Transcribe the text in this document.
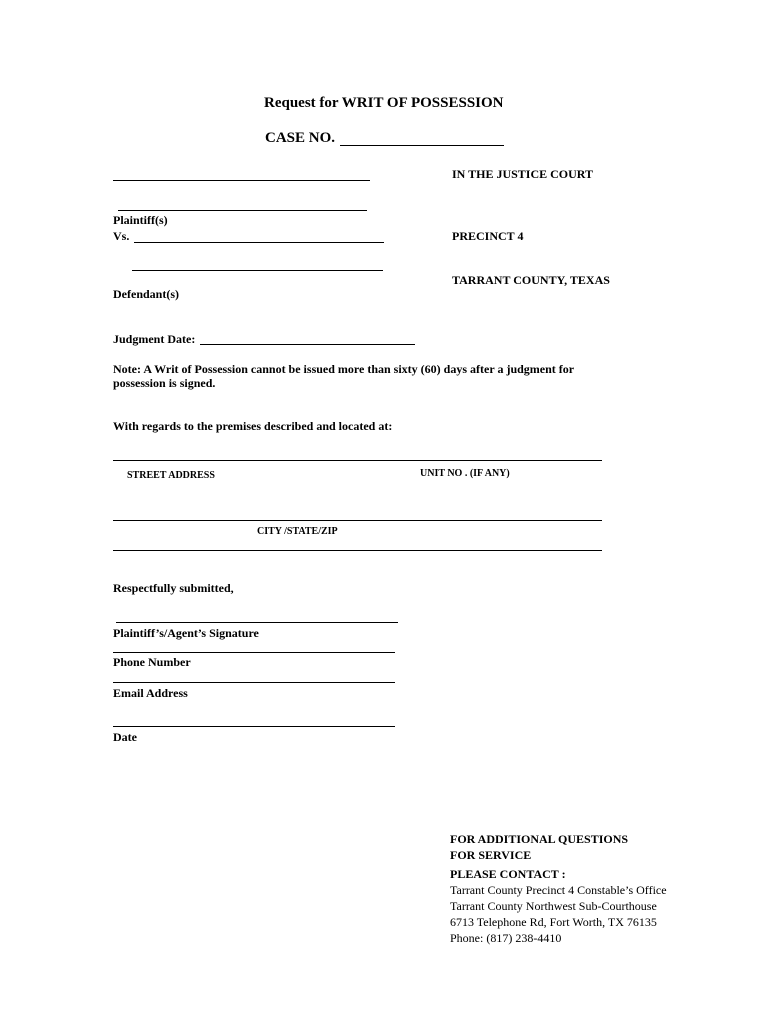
Request for WRIT OF POSSESSION
CASE NO.
IN THE JUSTICE COURT
Plaintiff(s)
Vs.	PRECINCT 4
TARRANT COUNTY, TEXAS
Defendant(s)
Judgment Date:
Note: A Writ of Possession cannot be issued more than sixty (60) days after a judgment for
possession is signed.
With regards to the premises described and located at:
STREET ADDRESS	UNIT NO . (IF ANY)
CITY /STATE/ZIP
Respectfully submitted,
Plaintiff’s/Agent’s Signature
Phone Number
Email Address
Date
FOR ADDITIONAL QUESTIONS
FOR SERVICE
PLEASE CONTACT :
Tarrant County Precinct 4 Constable’s Office
Tarrant County Northwest Sub-Courthouse
6713 Telephone Rd, Fort Worth, TX 76135
Phone: (817) 238-4410
